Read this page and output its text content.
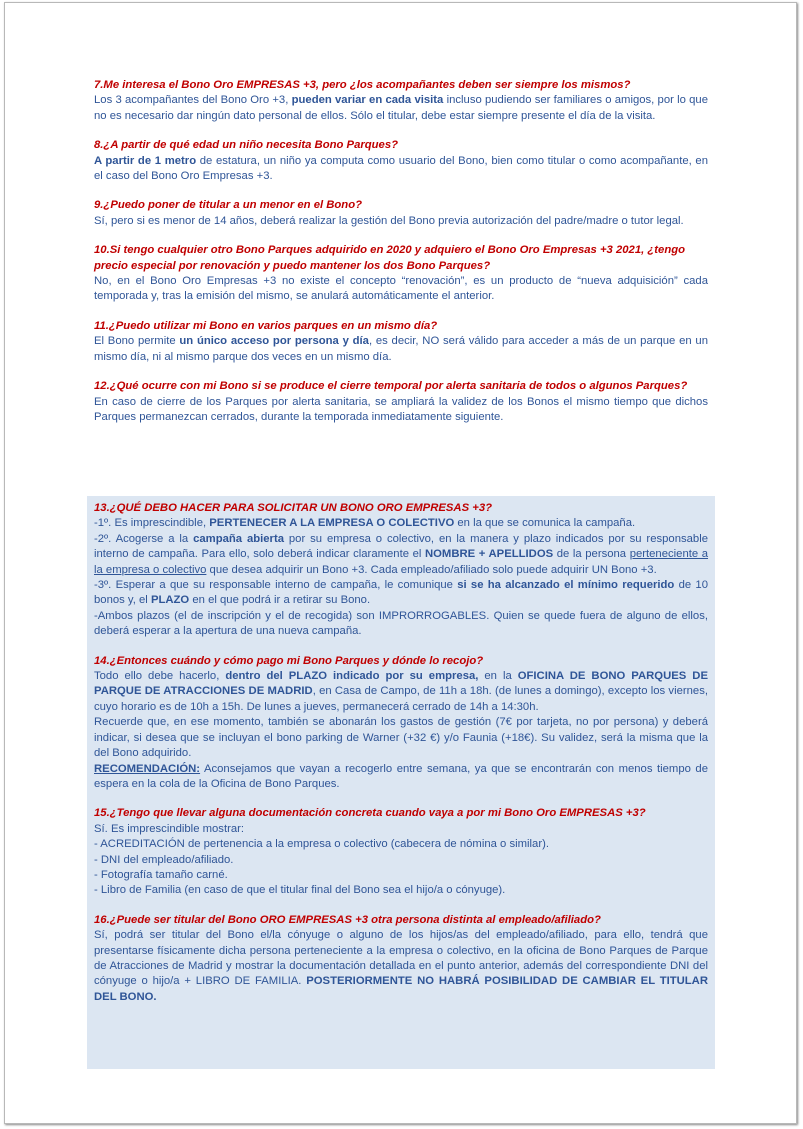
7.Me interesa el Bono Oro EMPRESAS +3, pero ¿los acompañantes deben ser siempre los mismos?
Los 3 acompañantes del Bono Oro +3, pueden variar en cada visita incluso pudiendo ser familiares o amigos, por lo que no es necesario dar ningún dato personal de ellos. Sólo el titular, debe estar siempre presente el día de la visita.
8.¿A partir de qué edad un niño necesita Bono Parques?
A partir de 1 metro de estatura, un niño ya computa como usuario del Bono, bien como titular o como acompañante, en el caso del Bono Oro Empresas +3.
9.¿Puedo poner de titular a un menor en el Bono?
Sí, pero si es menor de 14 años, deberá realizar la gestión del Bono previa autorización del padre/madre o tutor legal.
10.Si tengo cualquier otro Bono Parques adquirido en 2020 y adquiero el Bono Oro Empresas +3 2021, ¿tengo precio especial por renovación y puedo mantener los dos Bono Parques?
No, en el Bono Oro Empresas +3 no existe el concepto “renovación”, es un producto de “nueva adquisición” cada temporada y, tras la emisión del mismo, se anulará automáticamente el anterior.
11.¿Puedo utilizar mi Bono en varios parques en un mismo día?
El Bono permite un único acceso por persona y día, es decir, NO será válido para acceder a más de un parque en un mismo día, ni al mismo parque dos veces en un mismo día.
12.¿Qué ocurre con mi Bono si se produce el cierre temporal por alerta sanitaria de todos o algunos Parques?
En caso de cierre de los Parques por alerta sanitaria, se ampliará la validez de los Bonos el mismo tiempo que dichos Parques permanezcan cerrados, durante la temporada inmediatamente siguiente.
13.¿QUÉ DEBO HACER PARA SOLICITAR UN BONO ORO EMPRESAS +3?
-1º. Es imprescindible, PERTENECER A LA EMPRESA O COLECTIVO en la que se comunica la campaña.
-2º. Acogerse a la campaña abierta por su empresa o colectivo, en la manera y plazo indicados por su responsable interno de campaña. Para ello, solo deberá indicar claramente el NOMBRE + APELLIDOS de la persona perteneciente a la empresa o colectivo que desea adquirir un Bono +3. Cada empleado/afiliado solo puede adquirir UN Bono +3.
-3º. Esperar a que su responsable interno de campaña, le comunique si se ha alcanzado el mínimo requerido de 10 bonos y, el PLAZO en el que podrá ir a retirar su Bono.
-Ambos plazos (el de inscripción y el de recogida) son IMPRORROGABLES. Quien se quede fuera de alguno de ellos, deberá esperar a la apertura de una nueva campaña.
14.¿Entonces cuándo y cómo pago mi Bono Parques y dónde lo recojo?
Todo ello debe hacerlo, dentro del PLAZO indicado por su empresa, en la OFICINA DE BONO PARQUES DE PARQUE DE ATRACCIONES DE MADRID, en Casa de Campo, de 11h a 18h. (de lunes a domingo), excepto los viernes, cuyo horario es de 10h a 15h. De lunes a jueves, permanecerá cerrado de 14h a 14:30h.
Recuerde que, en ese momento, también se abonarán los gastos de gestión (7€ por tarjeta, no por persona) y deberá indicar, si desea que se incluyan el bono parking de Warner (+32 €) y/o Faunia (+18€). Su validez, será la misma que la del Bono adquirido.
RECOMENDACIÓN: Aconsejamos que vayan a recogerlo entre semana, ya que se encontrarán con menos tiempo de espera en la cola de la Oficina de Bono Parques.
15.¿Tengo que llevar alguna documentación concreta cuando vaya a por mi Bono Oro EMPRESAS +3?
Sí. Es imprescindible mostrar:
- ACREDITACIÓN de pertenencia a la empresa o colectivo (cabecera de nómina o similar).
- DNI del empleado/afiliado.
- Fotografía tamaño carné.
- Libro de Familia (en caso de que el titular final del Bono sea el hijo/a o cónyuge).
16.¿Puede ser titular del Bono ORO EMPRESAS +3 otra persona distinta al empleado/afiliado?
Sí, podrá ser titular del Bono el/la cónyuge o alguno de los hijos/as del empleado/afiliado, para ello, tendrá que presentarse físicamente dicha persona perteneciente a la empresa o colectivo, en la oficina de Bono Parques de Parque de Atracciones de Madrid y mostrar la documentación detallada en el punto anterior, además del correspondiente DNI del cónyuge o hijo/a + LIBRO DE FAMILIA. POSTERIORMENTE NO HABRÁ POSIBILIDAD DE CAMBIAR EL TITULAR DEL BONO.
